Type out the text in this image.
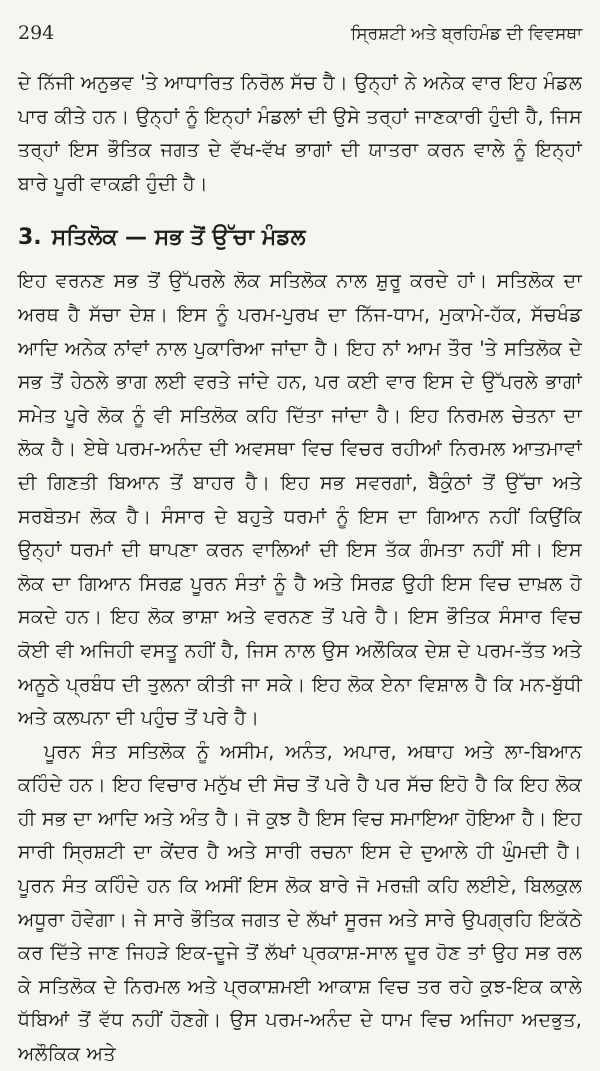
294	ਸ੍ਰਿਸ਼ਟੀ ਅਤੇ ਬ੍ਰਹਿਮੰਡ ਦੀ ਵਿਵਸਥਾ

ਦੇ ਨਿੱਜੀ ਅਨੁਭਵ 'ਤੇ ਆਧਾਰਿਤ ਨਿਰੋਲ ਸੱਚ ਹੈ। ਉਨ੍ਹਾਂ ਨੇ ਅਨੇਕ ਵਾਰ ਇਹ ਮੰਡਲ ਪਾਰ ਕੀਤੇ ਹਨ। ਉਨ੍ਹਾਂ ਨੂੰ ਇਨ੍ਹਾਂ ਮੰਡਲਾਂ ਦੀ ਉਸੇ ਤਰ੍ਹਾਂ ਜਾਣਕਾਰੀ ਹੁੰਦੀ ਹੈ, ਜਿਸ ਤਰ੍ਹਾਂ ਇਸ ਭੌਤਿਕ ਜਗਤ ਦੇ ਵੱਖ-ਵੱਖ ਭਾਗਾਂ ਦੀ ਯਾਤਰਾ ਕਰਨ ਵਾਲੇ ਨੂੰ ਇਨ੍ਹਾਂ ਬਾਰੇ ਪੂਰੀ ਵਾਕਫ਼ੀ ਹੁੰਦੀ ਹੈ।

3. ਸਤਿਲੋਕ — ਸਭ ਤੋਂ ਉੱਚਾ ਮੰਡਲ

ਇਹ ਵਰਨਣ ਸਭ ਤੋਂ ਉੱਪਰਲੇ ਲੋਕ ਸਤਿਲੋਕ ਨਾਲ ਸ਼ੁਰੂ ਕਰਦੇ ਹਾਂ। ਸਤਿਲੋਕ ਦਾ ਅਰਥ ਹੈ ਸੱਚਾ ਦੇਸ਼। ਇਸ ਨੂੰ ਪਰਮ-ਪੁਰਖ ਦਾ ਨਿੱਜ-ਧਾਮ, ਮੁਕਾਮੇ-ਹੱਕ, ਸੱਚਖੰਡ ਆਦਿ ਅਨੇਕ ਨਾਂਵਾਂ ਨਾਲ ਪੁਕਾਰਿਆ ਜਾਂਦਾ ਹੈ। ਇਹ ਨਾਂ ਆਮ ਤੌਰ 'ਤੇ ਸਤਿਲੋਕ ਦੇ ਸਭ ਤੋਂ ਹੇਠਲੇ ਭਾਗ ਲਈ ਵਰਤੇ ਜਾਂਦੇ ਹਨ, ਪਰ ਕਈ ਵਾਰ ਇਸ ਦੇ ਉੱਪਰਲੇ ਭਾਗਾਂ ਸਮੇਤ ਪੂਰੇ ਲੋਕ ਨੂੰ ਵੀ ਸਤਿਲੋਕ ਕਹਿ ਦਿੱਤਾ ਜਾਂਦਾ ਹੈ। ਇਹ ਨਿਰਮਲ ਚੇਤਨਾ ਦਾ ਲੋਕ ਹੈ। ਏਥੇ ਪਰਮ-ਅਨੰਦ ਦੀ ਅਵਸਥਾ ਵਿਚ ਵਿਚਰ ਰਹੀਆਂ ਨਿਰਮਲ ਆਤਮਾਵਾਂ ਦੀ ਗਿਣਤੀ ਬਿਆਨ ਤੋਂ ਬਾਹਰ ਹੈ। ਇਹ ਸਭ ਸਵਰਗਾਂ, ਬੈਕੁੰਠਾਂ ਤੋਂ ਉੱਚਾ ਅਤੇ ਸਰਬੋਤਮ ਲੋਕ ਹੈ। ਸੰਸਾਰ ਦੇ ਬਹੁਤੇ ਧਰਮਾਂ ਨੂੰ ਇਸ ਦਾ ਗਿਆਨ ਨਹੀਂ ਕਿਉਂਕਿ ਉਨ੍ਹਾਂ ਧਰਮਾਂ ਦੀ ਥਾਪਣਾ ਕਰਨ ਵਾਲਿਆਂ ਦੀ ਇਸ ਤੱਕ ਗੰਮਤਾ ਨਹੀਂ ਸੀ। ਇਸ ਲੋਕ ਦਾ ਗਿਆਨ ਸਿਰਫ਼ ਪੂਰਨ ਸੰਤਾਂ ਨੂੰ ਹੈ ਅਤੇ ਸਿਰਫ਼ ਉਹੀ ਇਸ ਵਿਚ ਦਾਖ਼ਲ ਹੋ ਸਕਦੇ ਹਨ। ਇਹ ਲੋਕ ਭਾਸ਼ਾ ਅਤੇ ਵਰਨਣ ਤੋਂ ਪਰੇ ਹੈ। ਇਸ ਭੌਤਿਕ ਸੰਸਾਰ ਵਿਚ ਕੋਈ ਵੀ ਅਜਿਹੀ ਵਸਤੂ ਨਹੀਂ ਹੈ, ਜਿਸ ਨਾਲ ਉਸ ਅਲੌਕਿਕ ਦੇਸ਼ ਦੇ ਪਰਮ-ਤੱਤ ਅਤੇ ਅਨੂਠੇ ਪ੍ਰਬੰਧ ਦੀ ਤੁਲਨਾ ਕੀਤੀ ਜਾ ਸਕੇ। ਇਹ ਲੋਕ ਏਨਾ ਵਿਸ਼ਾਲ ਹੈ ਕਿ ਮਨ-ਬੁੱਧੀ ਅਤੇ ਕਲਪਨਾ ਦੀ ਪਹੁੰਚ ਤੋਂ ਪਰੇ ਹੈ।

ਪੂਰਨ ਸੰਤ ਸਤਿਲੋਕ ਨੂੰ ਅਸੀਮ, ਅਨੰਤ, ਅਪਾਰ, ਅਥਾਹ ਅਤੇ ਲਾ-ਬਿਆਨ ਕਹਿੰਦੇ ਹਨ। ਇਹ ਵਿਚਾਰ ਮਨੁੱਖ ਦੀ ਸੋਚ ਤੋਂ ਪਰੇ ਹੈ ਪਰ ਸੱਚ ਇਹੋ ਹੈ ਕਿ ਇਹ ਲੋਕ ਹੀ ਸਭ ਦਾ ਆਦਿ ਅਤੇ ਅੰਤ ਹੈ। ਜੋ ਕੁਝ ਹੈ ਇਸ ਵਿਚ ਸਮਾਇਆ ਹੋਇਆ ਹੈ। ਇਹ ਸਾਰੀ ਸ੍ਰਿਸ਼ਟੀ ਦਾ ਕੇਂਦਰ ਹੈ ਅਤੇ ਸਾਰੀ ਰਚਨਾ ਇਸ ਦੇ ਦੁਆਲੇ ਹੀ ਘੁੰਮਦੀ ਹੈ। ਪੂਰਨ ਸੰਤ ਕਹਿੰਦੇ ਹਨ ਕਿ ਅਸੀਂ ਇਸ ਲੋਕ ਬਾਰੇ ਜੋ ਮਰਜ਼ੀ ਕਹਿ ਲਈਏ, ਬਿਲਕੁਲ ਅਧੂਰਾ ਹੋਵੇਗਾ। ਜੇ ਸਾਰੇ ਭੌਤਿਕ ਜਗਤ ਦੇ ਲੱਖਾਂ ਸੂਰਜ ਅਤੇ ਸਾਰੇ ਉਪਗ੍ਰਹਿ ਇਕੱਠੇ ਕਰ ਦਿੱਤੇ ਜਾਣ ਜਿਹੜੇ ਇਕ-ਦੂਜੇ ਤੋਂ ਲੱਖਾਂ ਪ੍ਰਕਾਸ਼-ਸਾਲ ਦੂਰ ਹੋਣ ਤਾਂ ਉਹ ਸਭ ਰਲ ਕੇ ਸਤਿਲੋਕ ਦੇ ਨਿਰਮਲ ਅਤੇ ਪ੍ਰਕਾਸ਼ਮਈ ਆਕਾਸ਼ ਵਿਚ ਤਰ ਰਹੇ ਕੁਝ-ਇਕ ਕਾਲੇ ਧੱਬਿਆਂ ਤੋਂ ਵੱਧ ਨਹੀਂ ਹੋਣਗੇ। ਉਸ ਪਰਮ-ਅਨੰਦ ਦੇ ਧਾਮ ਵਿਚ ਅਜਿਹਾ ਅਦਭੁਤ, ਅਲੌਕਿਕ ਅਤੇ
